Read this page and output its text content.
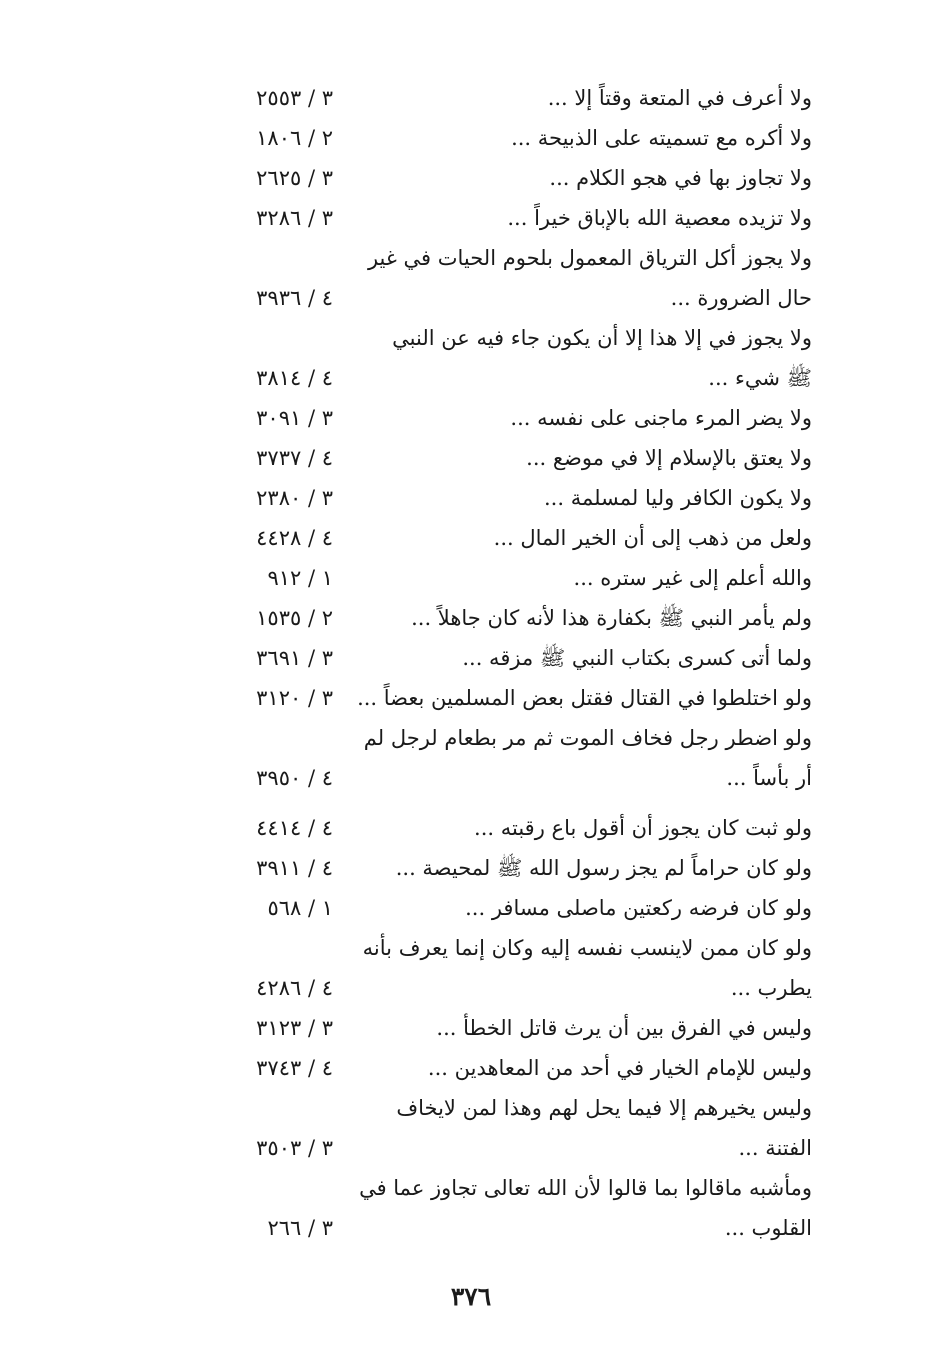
ولا أعرف في المتعة وقتاً إلا ...
٣ / ٢٥٥٣
ولا أكره مع تسميته على الذبيحة ...
٢ / ١٨٠٦
ولا تجاوز بها في هجو الكلام ...
٣ / ٢٦٢٥
ولا تزيده معصية الله بالإباق خيراً ...
٣ / ٣٢٨٦
ولا يجوز أكل الترياق المعمول بلحوم الحيات في غير
حال الضرورة ...
٤ / ٣٩٣٦
ولا يجوز في إلا هذا إلا أن يكون جاء فيه عن النبي
ﷺ شيء ...
٤ / ٣٨١٤
ولا يضر المرء ماجنى على نفسه ...
٣ / ٣٠٩١
ولا يعتق بالإسلام إلا في موضع ...
٤ / ٣٧٣٧
ولا يكون الكافر وليا لمسلمة ...
٣ / ٢٣٨٠
ولعل من ذهب إلى أن الخير المال ...
٤ / ٤٤٢٨
والله أعلم إلى غير ستره ...
١ / ٩١٢
ولم يأمر النبي ﷺ بكفارة هذا لأنه كان جاهلاً ...
٢ / ١٥٣٥
ولما أتى كسرى بكتاب النبي ﷺ مزقه ...
٣ / ٣٦٩١
ولو اختلطوا في القتال فقتل بعض المسلمين بعضاً ...
٣ / ٣١٢٠
ولو اضطر رجل فخاف الموت ثم مر بطعام لرجل لم
أر بأساً ...
٤ / ٣٩٥٠
ولو ثبت كان يجوز أن أقول باع رقبته ...
٤ / ٤٤١٤
ولو كان حراماً لم يجز رسول الله ﷺ لمحيصة ...
٤ / ٣٩١١
ولو كان فرضه ركعتين ماصلى مسافر ...
١ / ٥٦٨
ولو كان ممن لاينسب نفسه إليه وكان إنما يعرف بأنه
يطرب ...
٤ / ٤٢٨٦
وليس في الفرق بين أن يرث قاتل الخطأ ...
٣ / ٣١٢٣
وليس للإمام الخيار في أحد من المعاهدين ...
٤ / ٣٧٤٣
وليس يخيرهم إلا فيما يحل لهم وهذا لمن لايخاف
الفتنة ...
٣ / ٣٥٠٣
ومأشبه ماقالوا بما قالوا لأن الله تعالى تجاوز عما في
القلوب ...
٣ / ٢٦٦
٣٧٦
